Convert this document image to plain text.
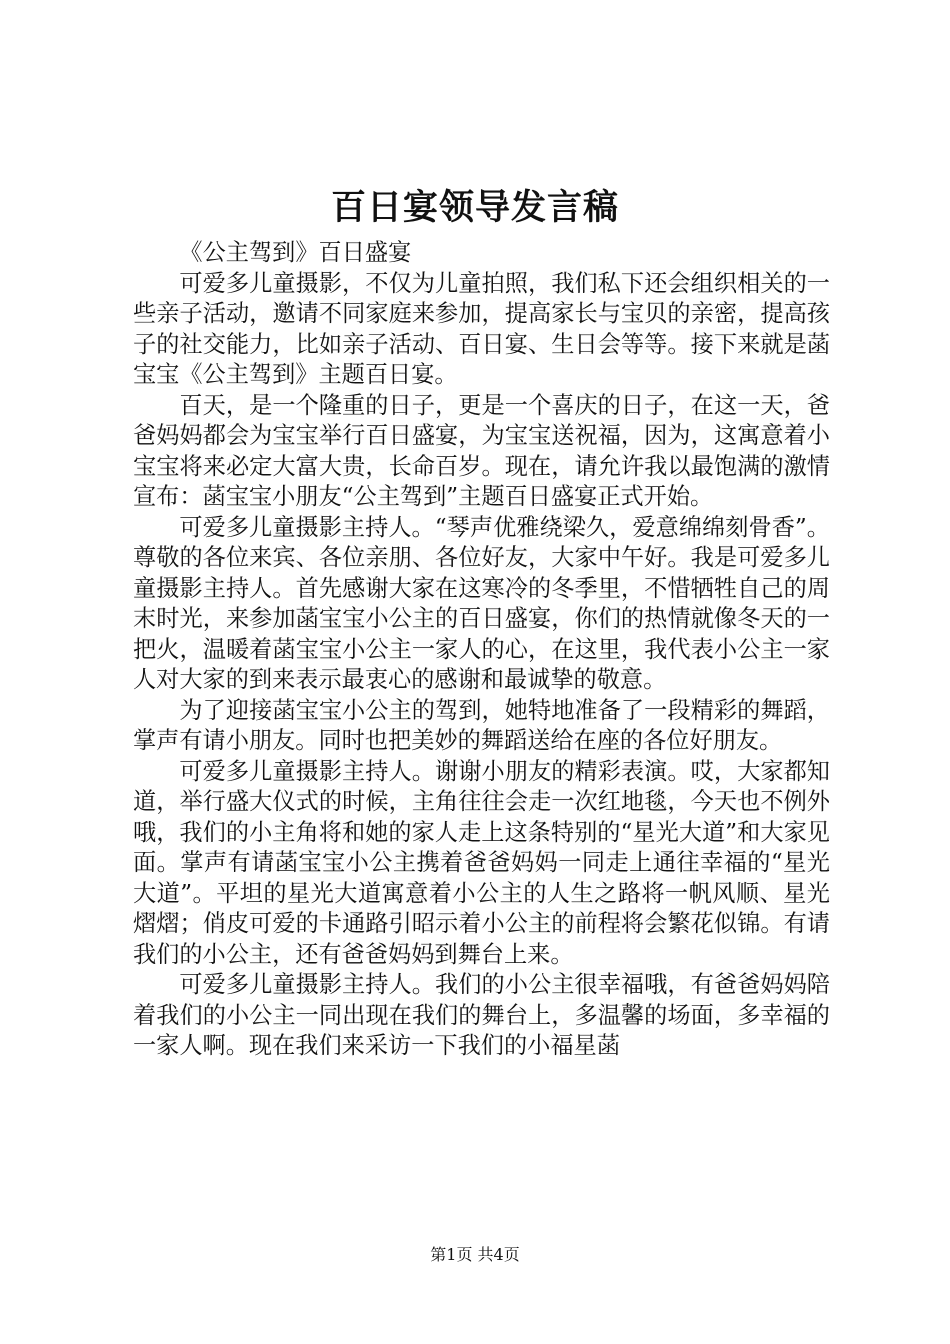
百日宴领导发言稿

《公主驾到》百日盛宴

可爱多儿童摄影，不仅为儿童拍照，我们私下还会组织相关的一些亲子活动，邀请不同家庭来参加，提高家长与宝贝的亲密，提高孩子的社交能力，比如亲子活动、百日宴、生日会等等。接下来就是菡宝宝《公主驾到》主题百日宴。

百天，是一个隆重的日子，更是一个喜庆的日子，在这一天，爸爸妈妈都会为宝宝举行百日盛宴，为宝宝送祝福，因为，这寓意着小宝宝将来必定大富大贵，长命百岁。现在，请允许我以最饱满的激情宣布：菡宝宝小朋友“公主驾到”主题百日盛宴正式开始。

可爱多儿童摄影主持人。“琴声优雅绕梁久，爱意绵绵刻骨香”。尊敬的各位来宾、各位亲朋、各位好友，大家中午好。我是可爱多儿童摄影主持人。首先感谢大家在这寒冷的冬季里，不惜牺牲自己的周末时光，来参加菡宝宝小公主的百日盛宴，你们的热情就像冬天的一把火，温暖着菡宝宝小公主一家人的心，在这里，我代表小公主一家人对大家的到来表示最衷心的感谢和最诚挚的敬意。

为了迎接菡宝宝小公主的驾到，她特地准备了一段精彩的舞蹈，掌声有请小朋友。同时也把美妙的舞蹈送给在座的各位好朋友。

可爱多儿童摄影主持人。谢谢小朋友的精彩表演。哎，大家都知道，举行盛大仪式的时候，主角往往会走一次红地毯，今天也不例外哦，我们的小主角将和她的家人走上这条特别的“星光大道”和大家见面。掌声有请菡宝宝小公主携着爸爸妈妈一同走上通往幸福的“星光大道”。平坦的星光大道寓意着小公主的人生之路将一帆风顺、星光熠熠；俏皮可爱的卡通路引昭示着小公主的前程将会繁花似锦。有请我们的小公主，还有爸爸妈妈到舞台上来。

可爱多儿童摄影主持人。我们的小公主很幸福哦，有爸爸妈妈陪着我们的小公主一同出现在我们的舞台上，多温馨的场面，多幸福的一家人啊。现在我们来采访一下我们的小福星菡

第1页 共4页
